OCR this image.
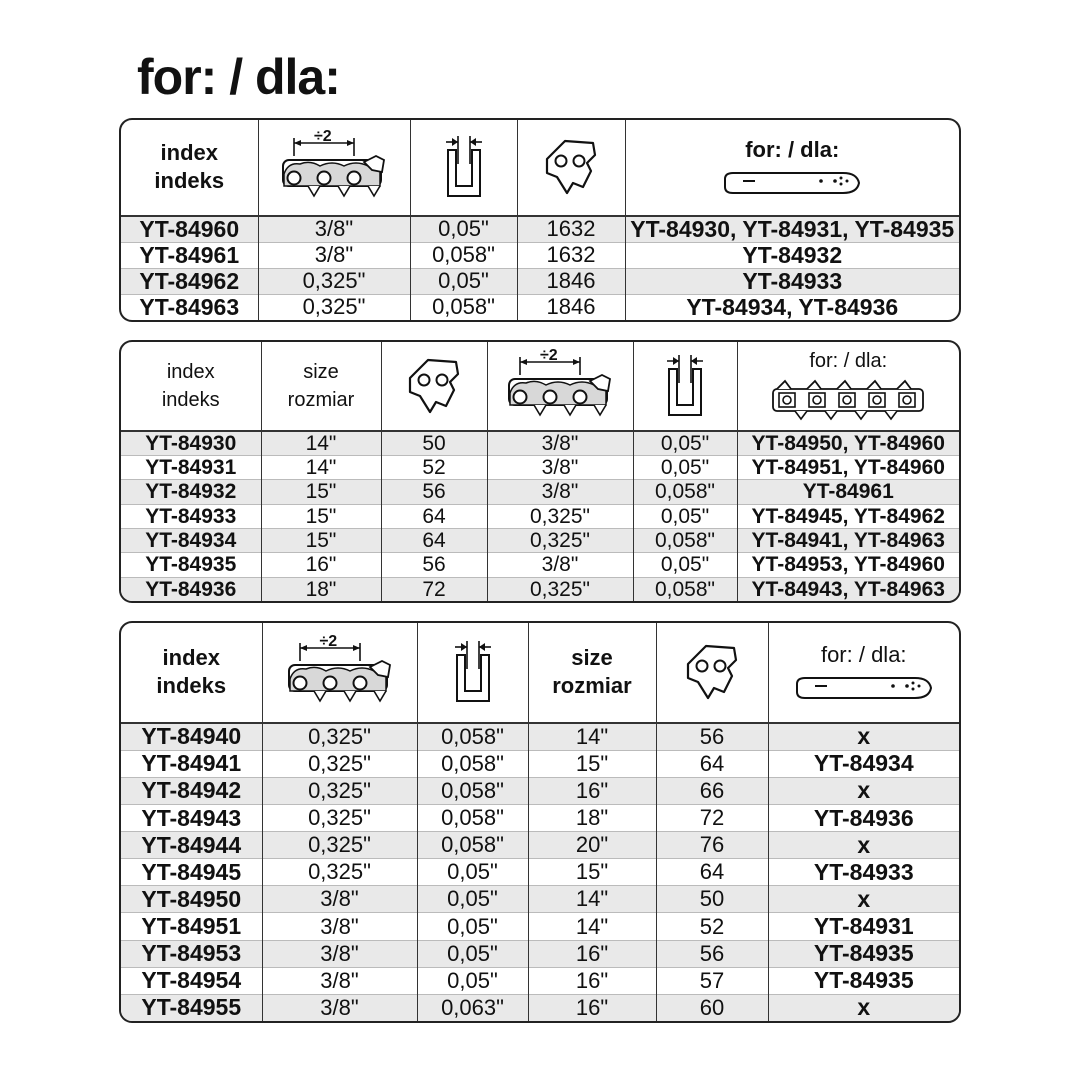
for: / dla:
index
indeks	÷2			for: / dla:

YT-84960	3/8"	0,05"	1632	YT-84930, YT-84931, YT-84935
YT-84961	3/8"	0,058"	1632	YT-84932
YT-84962	0,325"	0,05"	1846	YT-84933
YT-84963	0,325"	0,058"	1846	YT-84934, YT-84936
index
indeks	size
rozmiar		÷2		for: / dla:

YT-84930	14"	50	3/8"	0,05"	YT-84950, YT-84960
YT-84931	14"	52	3/8"	0,05"	YT-84951, YT-84960
YT-84932	15"	56	3/8"	0,058"	YT-84961
YT-84933	15"	64	0,325"	0,05"	YT-84945, YT-84962
YT-84934	15"	64	0,325"	0,058"	YT-84941, YT-84963
YT-84935	16"	56	3/8"	0,05"	YT-84953, YT-84960
YT-84936	18"	72	0,325"	0,058"	YT-84943, YT-84963
index
indeks	÷2		size
rozmiar		for: / dla:

YT-84940	0,325"	0,058"	14"	56	x
YT-84941	0,325"	0,058"	15"	64	YT-84934
YT-84942	0,325"	0,058"	16"	66	x
YT-84943	0,325"	0,058"	18"	72	YT-84936
YT-84944	0,325"	0,058"	20"	76	x
YT-84945	0,325"	0,05"	15"	64	YT-84933
YT-84950	3/8"	0,05"	14"	50	x
YT-84951	3/8"	0,05"	14"	52	YT-84931
YT-84953	3/8"	0,05"	16"	56	YT-84935
YT-84954	3/8"	0,05"	16"	57	YT-84935
YT-84955	3/8"	0,063"	16"	60	x
